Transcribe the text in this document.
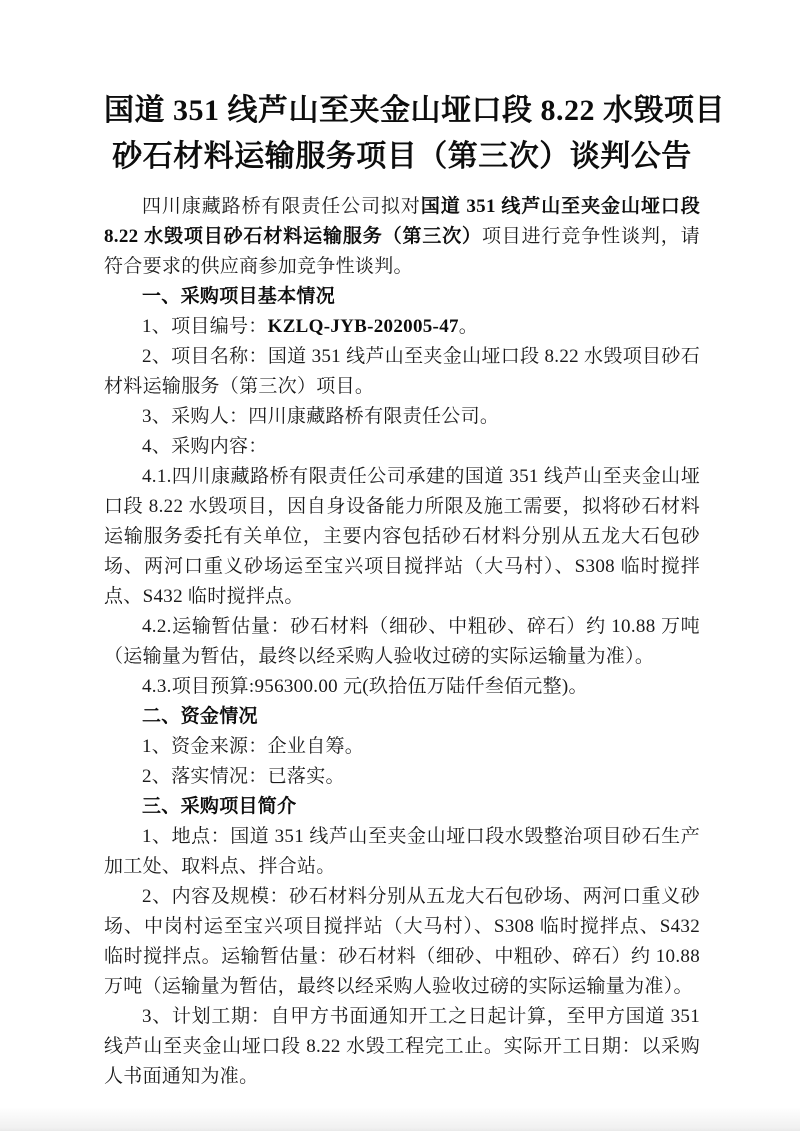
国道 351 线芦山至夹金山垭口段 8.22 水毁项目
砂石材料运输服务项目（第三次）谈判公告

四川康藏路桥有限责任公司拟对国道 351 线芦山至夹金山垭口段 8.22 水毁项目砂石材料运输服务（第三次）项目进行竞争性谈判，请符合要求的供应商参加竞争性谈判。

一、采购项目基本情况

1、项目编号：KZLQ-JYB-202005-47。

2、项目名称：国道 351 线芦山至夹金山垭口段 8.22 水毁项目砂石材料运输服务（第三次）项目。

3、采购人：四川康藏路桥有限责任公司。

4、采购内容：

4.1.四川康藏路桥有限责任公司承建的国道 351 线芦山至夹金山垭口段 8.22 水毁项目，因自身设备能力所限及施工需要，拟将砂石材料运输服务委托有关单位，主要内容包括砂石材料分别从五龙大石包砂场、两河口重义砂场运至宝兴项目搅拌站（大马村）、S308 临时搅拌点、S432 临时搅拌点。

4.2.运输暂估量：砂石材料（细砂、中粗砂、碎石）约 10.88 万吨（运输量为暂估，最终以经采购人验收过磅的实际运输量为准）。

4.3.项目预算:956300.00 元(玖拾伍万陆仟叁佰元整)。

二、资金情况

1、资金来源：企业自筹。

2、落实情况：已落实。

三、采购项目简介

1、地点：国道 351 线芦山至夹金山垭口段水毁整治项目砂石生产加工处、取料点、拌合站。

2、内容及规模：砂石材料分别从五龙大石包砂场、两河口重义砂场、中岗村运至宝兴项目搅拌站（大马村）、S308 临时搅拌点、S432 临时搅拌点。运输暂估量：砂石材料（细砂、中粗砂、碎石）约 10.88 万吨（运输量为暂估，最终以经采购人验收过磅的实际运输量为准）。

3、计划工期：自甲方书面通知开工之日起计算，至甲方国道 351 线芦山至夹金山垭口段 8.22 水毁工程完工止。实际开工日期：以采购人书面通知为准。
